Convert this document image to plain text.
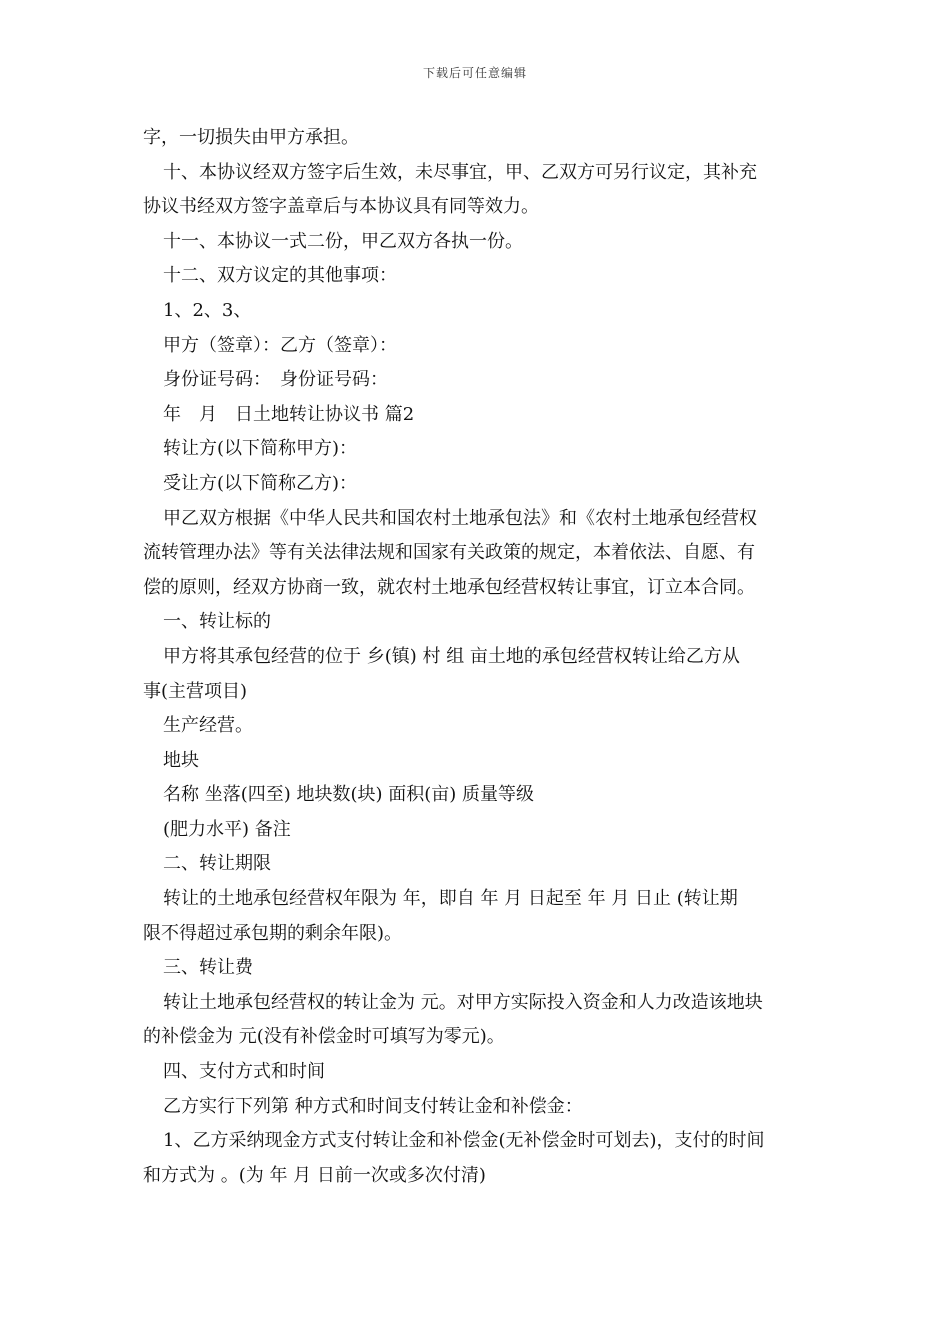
下载后可任意编辑
字，一切损失由甲方承担。
十、本协议经双方签字后生效，未尽事宜，甲、乙双方可另行议定，其补充
协议书经双方签字盖章后与本协议具有同等效力。
十一、本协议一式二份，甲乙双方各执一份。
十二、双方议定的其他事项：
1、2、3、
甲方（签章）：乙方（签章）：
身份证号码：　身份证号码：
年　月　日土地转让协议书 篇2
转让方(以下简称甲方)：
受让方(以下简称乙方)：
甲乙双方根据《中华人民共和国农村土地承包法》和《农村土地承包经营权
流转管理办法》等有关法律法规和国家有关政策的规定，本着依法、自愿、有
偿的原则，经双方协商一致，就农村土地承包经营权转让事宜，订立本合同。
一、转让标的
甲方将其承包经营的位于 乡(镇) 村 组 亩土地的承包经营权转让给乙方从
事(主营项目)
生产经营。
地块
名称 坐落(四至) 地块数(块) 面积(亩) 质量等级
(肥力水平) 备注
二、转让期限
转让的土地承包经营权年限为 年，即自 年 月 日起至 年 月 日止 (转让期
限不得超过承包期的剩余年限)。
三、转让费
转让土地承包经营权的转让金为 元。对甲方实际投入资金和人力改造该地块
的补偿金为 元(没有补偿金时可填写为零元)。
四、支付方式和时间
乙方实行下列第 种方式和时间支付转让金和补偿金：
1、乙方采纳现金方式支付转让金和补偿金(无补偿金时可划去)，支付的时间
和方式为 。(为 年 月 日前一次或多次付清)
